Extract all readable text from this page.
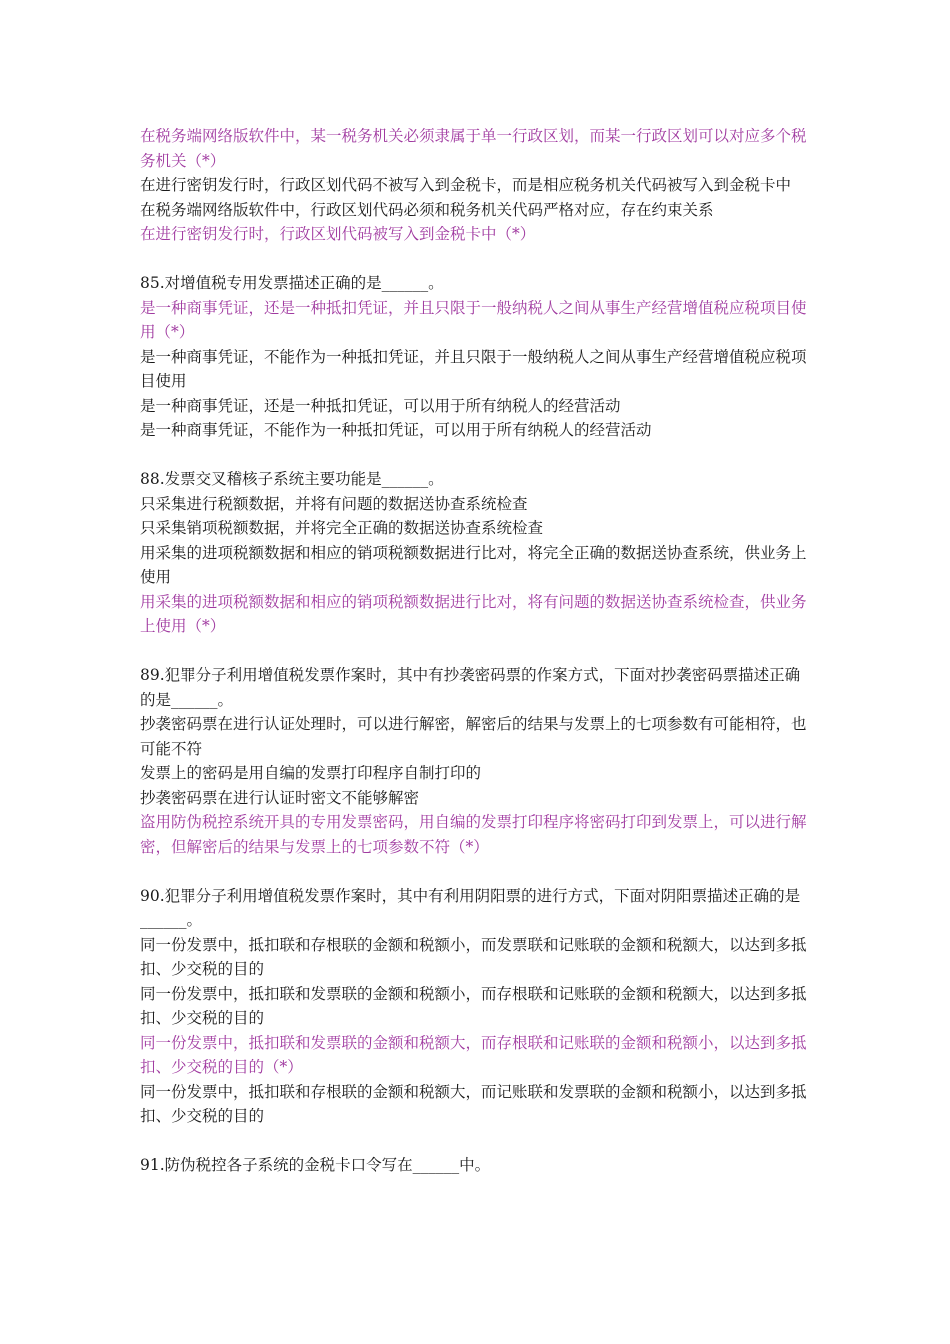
在税务端网络版软件中，某一税务机关必须隶属于单一行政区划，而某一行政区划可以对应多个税务机关（*）
在进行密钥发行时，行政区划代码不被写入到金税卡，而是相应税务机关代码被写入到金税卡中
在税务端网络版软件中，行政区划代码必须和税务机关代码严格对应，存在约束关系
在进行密钥发行时，行政区划代码被写入到金税卡中（*）
85.对增值税专用发票描述正确的是______。
是一种商事凭证，还是一种抵扣凭证，并且只限于一般纳税人之间从事生产经营增值税应税项目使用（*）
是一种商事凭证，不能作为一种抵扣凭证，并且只限于一般纳税人之间从事生产经营增值税应税项目使用
是一种商事凭证，还是一种抵扣凭证，可以用于所有纳税人的经营活动
是一种商事凭证，不能作为一种抵扣凭证，可以用于所有纳税人的经营活动
88.发票交叉稽核子系统主要功能是______。
只采集进行税额数据，并将有问题的数据送协查系统检查
只采集销项税额数据，并将完全正确的数据送协查系统检查
用采集的进项税额数据和相应的销项税额数据进行比对，将完全正确的数据送协查系统，供业务上使用
用采集的进项税额数据和相应的销项税额数据进行比对，将有问题的数据送协查系统检查，供业务上使用（*）
89.犯罪分子利用增值税发票作案时，其中有抄袭密码票的作案方式，下面对抄袭密码票描述正确的是______。
抄袭密码票在进行认证处理时，可以进行解密，解密后的结果与发票上的七项参数有可能相符，也可能不符
发票上的密码是用自编的发票打印程序自制打印的
抄袭密码票在进行认证时密文不能够解密
盗用防伪税控系统开具的专用发票密码，用自编的发票打印程序将密码打印到发票上，可以进行解密，但解密后的结果与发票上的七项参数不符（*）
90.犯罪分子利用增值税发票作案时，其中有利用阴阳票的进行方式，下面对阴阳票描述正确的是______。
同一份发票中，抵扣联和存根联的金额和税额小，而发票联和记账联的金额和税额大，以达到多抵扣、少交税的目的
同一份发票中，抵扣联和发票联的金额和税额小，而存根联和记账联的金额和税额大，以达到多抵扣、少交税的目的
同一份发票中，抵扣联和发票联的金额和税额大，而存根联和记账联的金额和税额小，以达到多抵扣、少交税的目的（*）
同一份发票中，抵扣联和存根联的金额和税额大，而记账联和发票联的金额和税额小，以达到多抵扣、少交税的目的
91.防伪税控各子系统的金税卡口令写在______中。
